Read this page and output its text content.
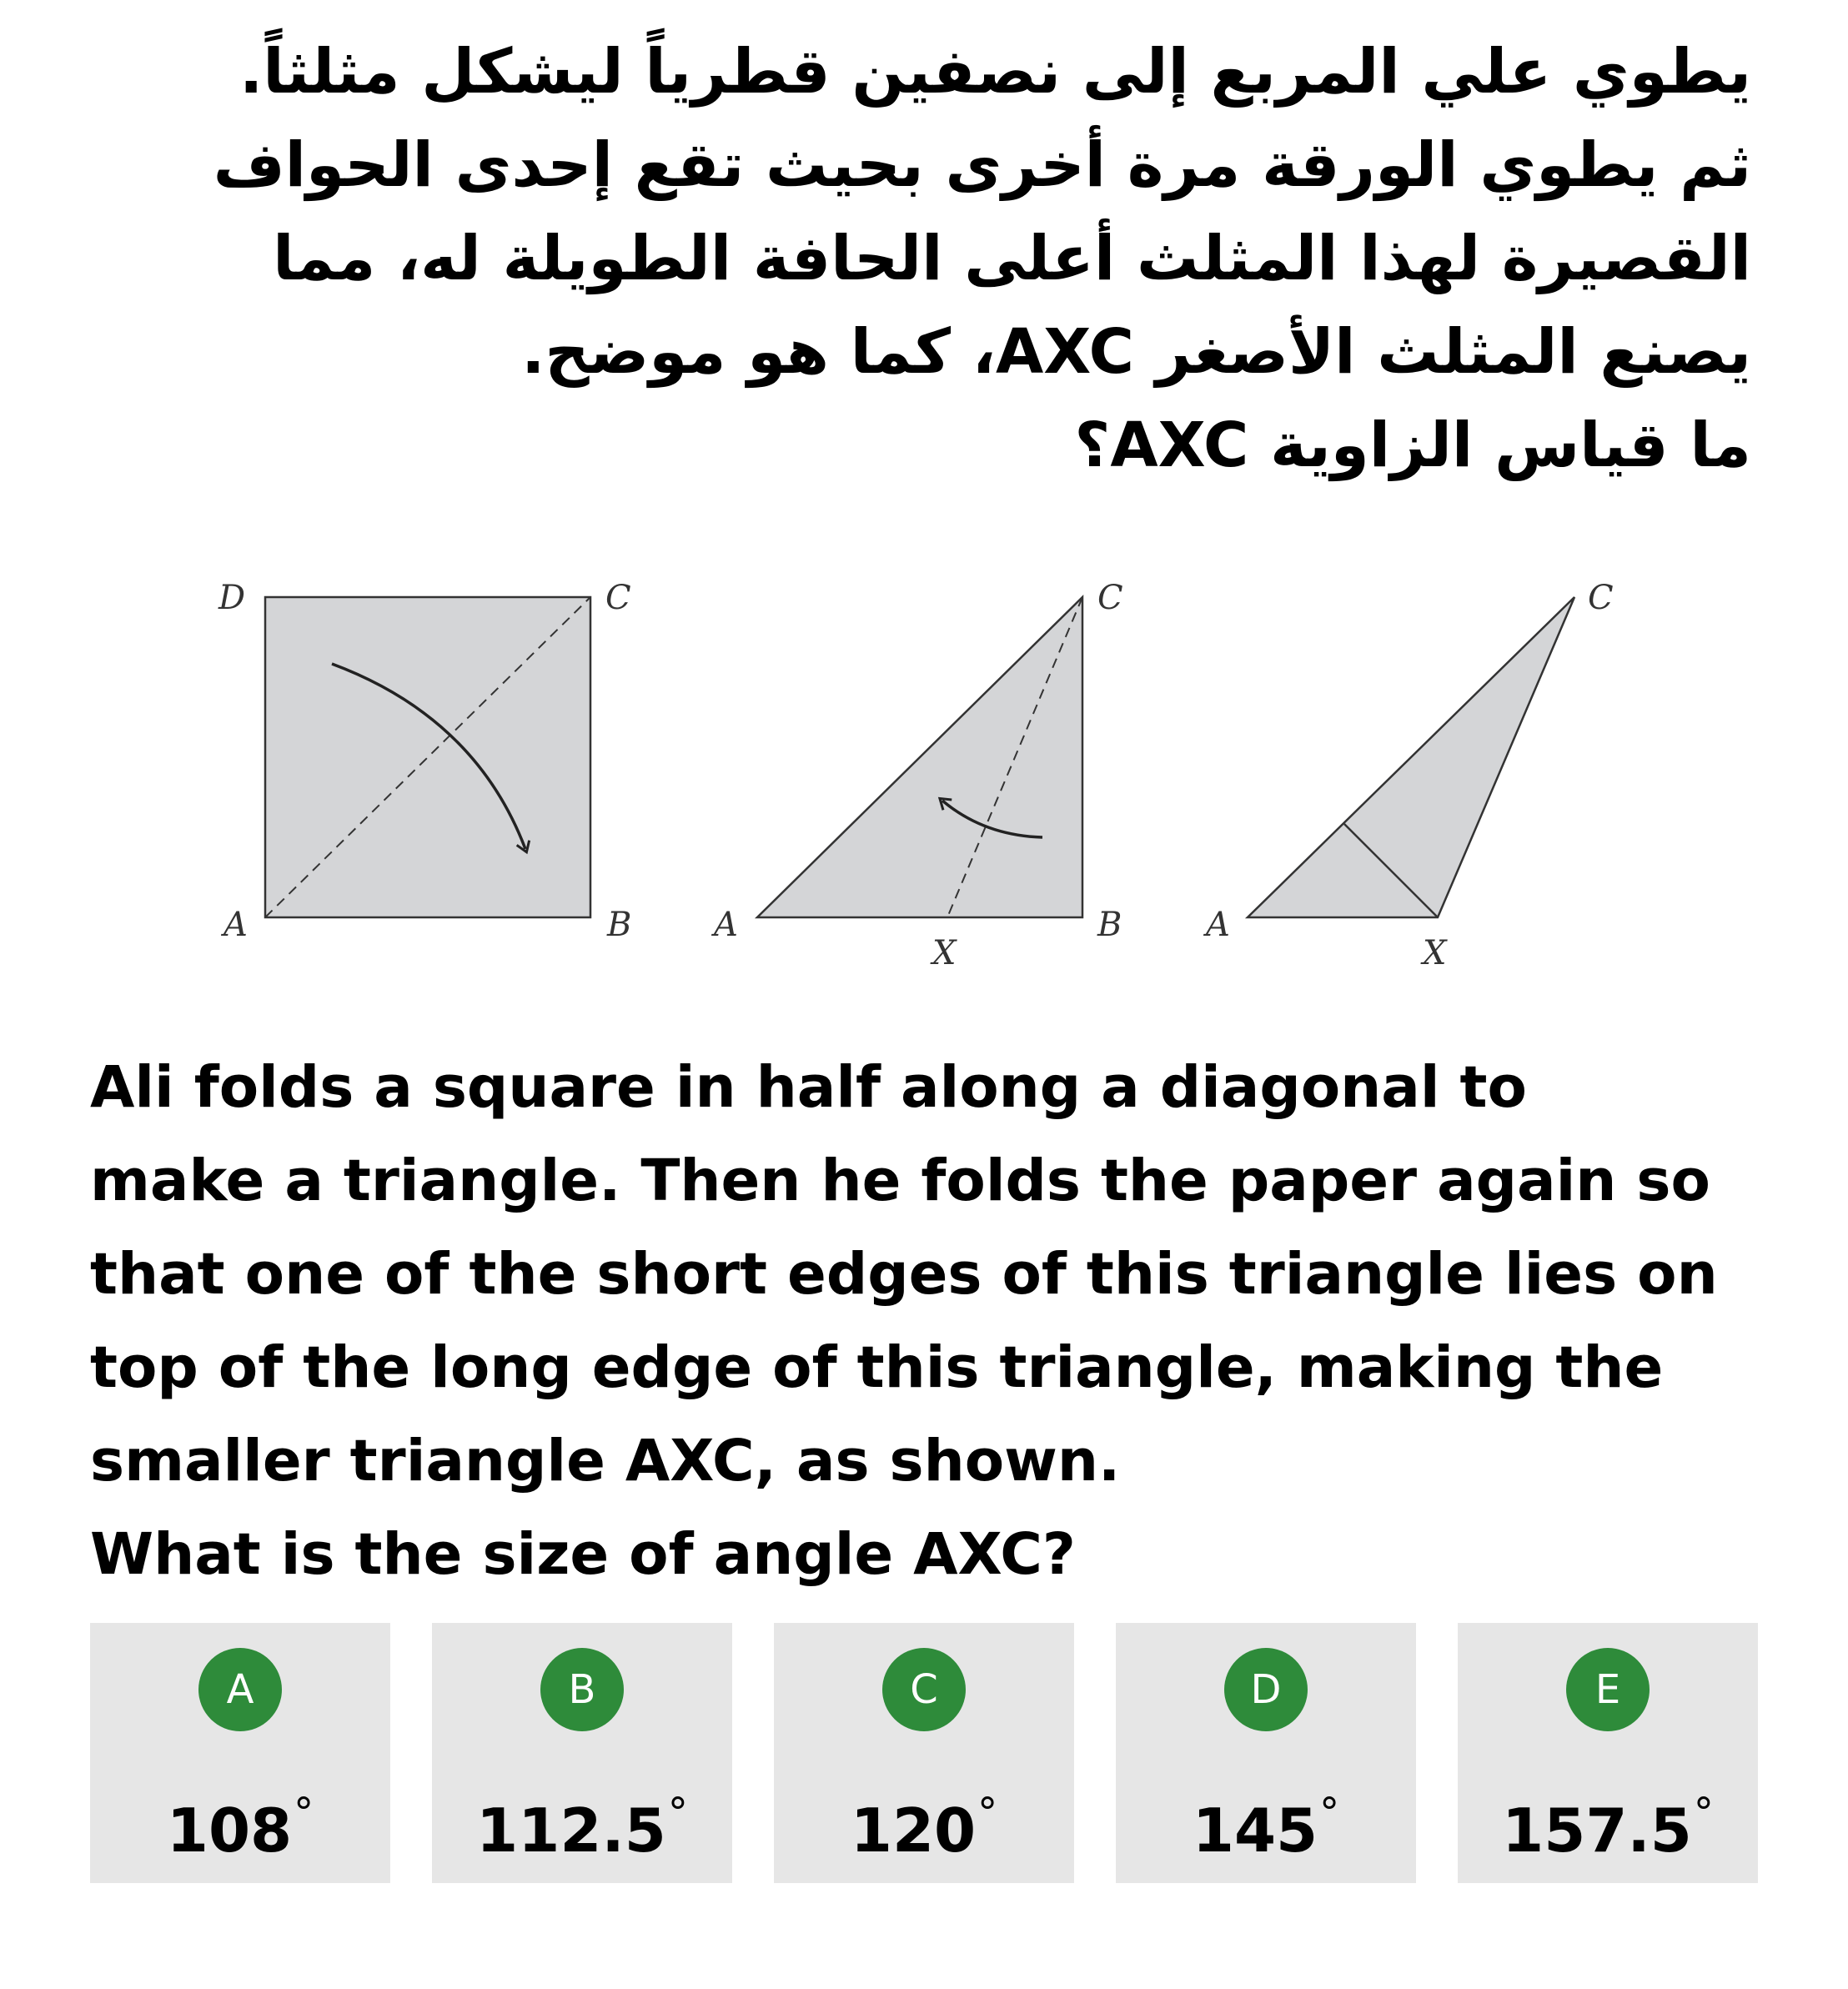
يطوي علي المربع إلى نصفين قطرياً ليشكل مثلثاً.
ثم يطوي الورقة مرة أخرى بحيث تقع إحدى الحواف
القصيرة لهذا المثلث أعلى الحافة الطويلة له، مما
يصنع المثلث الأصغر AXC، كما هو موضح.
ما قياس الزاوية AXC؟
D	C
A	B
C
A	B
X
C
A
X
Ali folds a square in half along a diagonal to
make a triangle. Then he folds the paper again so
that one of the short edges of this triangle lies on
top of the long edge of this triangle, making the
smaller triangle AXC, as shown.
What is the size of angle AXC?
A
108°
B
112.5°
C
120°
D
145°
E
157.5°
